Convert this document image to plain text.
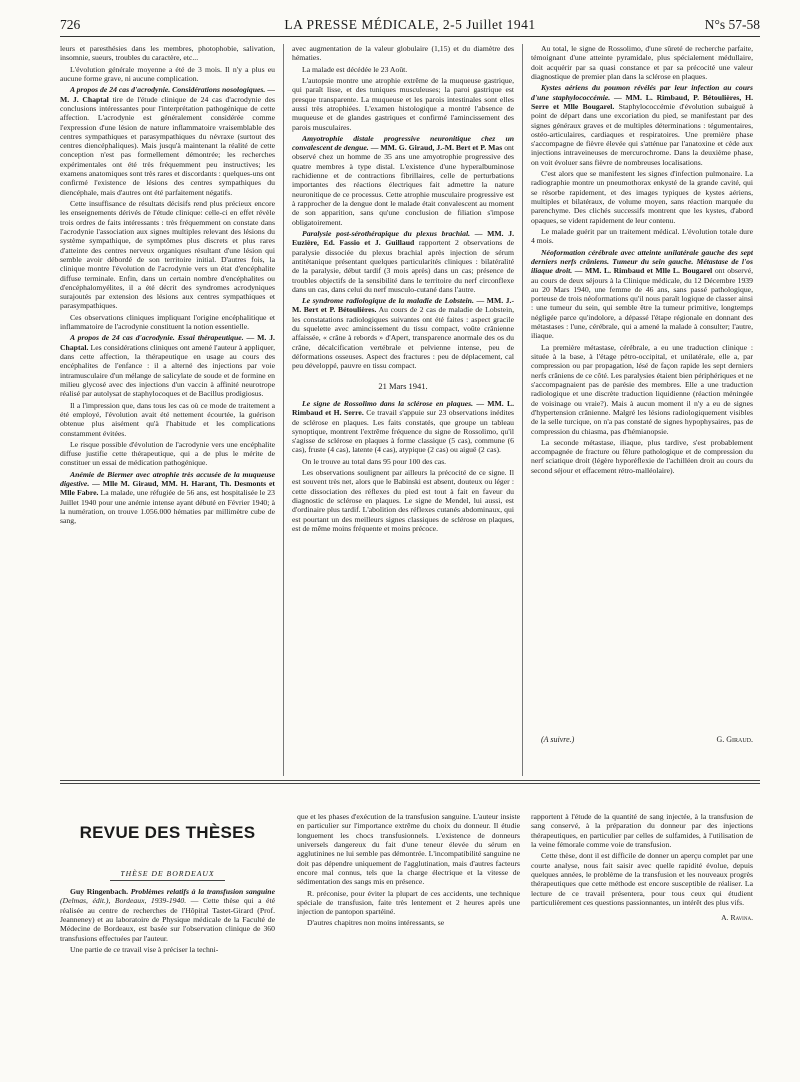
726	LA PRESSE MÉDICALE, 2-5 Juillet 1941	N°s 57-58

leurs et paresthésies dans les membres, photophobie, salivation, insomnie, sueurs, troubles du caractère, etc...

L'évolution générale moyenne a été de 3 mois. Il n'y a plus eu aucune forme grave, ni aucune complication.

A propos de 24 cas d'acrodynie. Considérations nosologiques. — M. J. Chaptal tire de l'étude clinique de 24 cas d'acrodynie des conclusions intéressantes pour l'interprétation pathogénique de cette affection. L'acrodynie est généralement considérée comme l'expression d'une lésion de nature inflammatoire vraisemblable des centres sympathiques et parasympathiques du névraxe (surtout des centres diencéphaliques). Mais jusqu'à maintenant la réalité de cette conception n'est pas formellement démontrée; les recherches expérimentales ont été très fréquemment peu instructives; les examens anatomiques sont très rares et discordants : quelques-uns ont confirmé l'existence de lésions des centres sympathiques du diencéphale, mais d'autres ont été parfaitement négatifs.

Cette insuffisance de résultats décisifs rend plus précieux encore les enseignements dérivés de l'étude clinique: celle-ci en effet révèle trois ordres de faits intéressants : très fréquemment on constate dans l'acrodynie l'association aux signes multiples relevant des lésions du système sympathique, de symptômes plus discrets et plus rares d'atteinte des centres nerveux organiques résultant d'une lésion qui semble avoir débordé de son territoire initial. D'autres fois, la clinique montre l'évolution de l'acrodynie vers un état d'encéphalite diffuse terminale. Enfin, dans un certain nombre d'encéphalites ou d'encéphalomyélites, il a été décrit des syndromes acrodyniques surajoutés par extension des lésions aux centres sympathiques et parasympathiques.

Ces observations cliniques impliquant l'origine encéphalitique et inflammatoire de l'acrodynie constituent la notion essentielle.

A propos de 24 cas d'acrodynie. Essai thérapeutique. — M. J. Chaptal. Les considérations cliniques ont amené l'auteur à appliquer, dans cette affection, la thérapeutique en usage au cours des encéphalites de l'enfance : il a alterné des injections par voie intramusculaire d'un mélange de salicylate de soude et de formine en milieu glycosé avec des injections d'un vaccin à affinité neurotrope réalisé par autolysat de staphylocoques et de Bacillus prodigiosus.

Il a l'impression que, dans tous les cas où ce mode de traitement a été employé, l'évolution avait été nettement écourtée, la guérison obtenue plus aisément qu'à l'habitude et les complications constamment évitées.

Le risque possible d'évolution de l'acrodynie vers une encéphalite diffuse justifie cette thérapeutique, qui a de plus le mérite de constituer un essai de médication pathogénique.

Anémie de Biermer avec atrophie très accusée de la muqueuse digestive. — Mlle M. Giraud, MM. H. Harant, Th. Desmonts et Mlle Fabre. La malade, une réfugiée de 56 ans, est hospitalisée le 23 Juillet 1940 pour une anémie intense ayant débuté en Février 1940; à la numération, on trouve 1.056.000 hématies par millimètre cube de sang,

avec augmentation de la valeur globulaire (1,15) et du diamètre des hématies.

La malade est décédée le 23 Août.

L'autopsie montre une atrophie extrême de la muqueuse gastrique, qui paraît lisse, et des tuniques musculeuses; la paroi gastrique est presque transparente. La muqueuse et les parois intestinales sont elles aussi très atrophiées. L'examen histologique a montré l'absence de muqueuse et de glandes gastriques et confirmé l'amincissement des parois musculaires.

Amyotrophie distale progressive neuronitique chez un convalescent de dengue. — MM. G. Giraud, J.-M. Bert et P. Mas ont observé chez un homme de 35 ans une amyotrophie progressive des quatre membres à type distal. L'existence d'une hyperalbuminose rachidienne et de contractions fibrillaires, celle de perturbations importantes des réactions électriques fait admettre la nature neuronitique de ce processus. Cette atrophie musculaire progressive est à rapprocher de la dengue dont le malade était convalescent au moment de son apparition, sans qu'une conclusion de filiation s'impose obligatoirement.

Paralysie post-sérothérapique du plexus brachial. — MM. J. Euzière, Ed. Fassio et J. Guillaud rapportent 2 observations de paralysie dissociée du plexus brachial après injection de sérum antitétanique présentant quelques particularités cliniques : bilatéralité de la paralysie, début tardif (3 mois après) dans un cas; présence de troubles objectifs de la sensibilité dans le territoire du nerf circonflexe dans un cas, dans celui du nerf musculo-cutané dans l'autre.

Le syndrome radiologique de la maladie de Lobstein. — MM. J.-M. Bert et P. Bétoulières. Au cours de 2 cas de maladie de Lobstein, les constatations radiologiques suivantes ont été faites : aspect gracile du squelette avec amincissement du tissu compact, voûte crânienne affaissée, « crâne à rebords » d'Apert, transparence anormale des os du crâne, décalcification vertébrale et pelvienne intense, peu de déformations osseuses. Aspect des fractures : peu de déplacement, cal peu développé, pauvre en tissu compact.

21 Mars 1941.

Le signe de Rossolimo dans la sclérose en plaques. — MM. L. Rimbaud et H. Serre. Ce travail s'appuie sur 23 observations inédites de sclérose en plaques. Les faits constatés, que groupe un tableau synoptique, montrent l'extrême fréquence du signe de Rossolimo, qu'il s'agisse de sclérose en plaques à forme classique (5 cas), commune (6 cas), fruste (4 cas), latente (4 cas), atypique (2 cas) ou aiguë (2 cas).

On le trouve au total dans 95 pour 100 des cas.

Les observations soulignent par ailleurs la précocité de ce signe. Il est souvent très net, alors que le Babinski est absent, douteux ou léger : cette dissociation des réflexes du pied est tout à fait en faveur du diagnostic de sclérose en plaques. Le signe de Mendel, lui aussi, est d'ordinaire plus tardif. L'abolition des réflexes cutanés abdominaux, qui est pourtant un des meilleurs signes classiques de sclérose en plaques, est de même moins fréquente et moins précoce.

Au total, le signe de Rossolimo, d'une sûreté de recherche parfaite, témoignant d'une atteinte pyramidale, plus spécialement médullaire, doit acquérir par sa quasi constance et par sa précocité une valeur diagnostique de premier plan dans la sclérose en plaques.

Kystes aériens du poumon révélés par leur infection au cours d'une staphylococcémie. — MM. L. Rimbaud, P. Bétoulières, H. Serre et Mlle Bougarel. Staphylococcémie d'évolution subaiguë à point de départ dans une excoriation du pied, se manifestant par des signes généraux graves et de multiples déterminations : tégumentaires, ostéo-articulaires, cardiaques et respiratoires. Une première phase s'accompagne de fièvre élevée qui s'atténue par l'anatoxine et cède aux injections intraveineuses de mercurochrome. Dans la deuxième phase, on voit évoluer sans fièvre de nombreuses localisations.

C'est alors que se manifestent les signes d'infection pulmonaire. La radiographie montre un pneumothorax enkysté de la grande cavité, qui se résorbe rapidement, et des images typiques de kystes aériens, multiples et bilatéraux, de volume moyen, sans réaction marquée du parenchyme. Des clichés successifs montrent que les kystes, d'abord opaques, se vident rapidement de leur contenu.

Le malade guérit par un traitement médical. L'évolution totale dure 4 mois.

Néoformation cérébrale avec atteinte unilatérale gauche des sept derniers nerfs crâniens. Tumeur du sein gauche. Métastase de l'os iliaque droit. — MM. L. Rimbaud et Mlle L. Bougarel ont observé, au cours de deux séjours à la Clinique médicale, du 12 Décembre 1939 au 20 Mars 1940, une femme de 46 ans, sans passé pathologique, porteuse de trois néoformations qu'il nous paraît logique de classer ainsi : une tumeur du sein, qui semble être la tumeur primitive, longtemps négligée parce qu'indolore, a dépassé l'étape régionale en donnant des métastases : l'une, cérébrale, qui a amené la malade à consulter; l'autre, iliaque.

La première métastase, cérébrale, a eu une traduction clinique : située à la base, à l'étage pétro-occipital, et unilatérale, elle a, par compression ou par propagation, lésé de façon rapide les sept derniers nerfs crâniens de ce côté. Les paralysies étaient bien périphériques et ne s'accompagnaient pas de parésie des membres. Elle a une traduction radiologique et une discrète traduction liquidienne (réaction méningée de voisinage ou vraie?). Mais à aucun moment il n'y a eu de signes d'hypertension crânienne. Malgré les lésions radiologiquement visibles de la selle turcique, on n'a pas constaté de signes hypophysaires, pas de compression du chiasma, pas d'hémianopsie.

La seconde métastase, iliaque, plus tardive, s'est probablement accompagnée de fracture ou fêlure pathologique et de compression du nerf sciatique droit (légère hyporéflexie de l'achilléen droit au cours du second séjour et effacement rétro-malléolaire).

(A suivre.)	G. Giraud.
REVUE DES THÈSES
THÈSE DE BORDEAUX

Guy Ringenbach. Problèmes relatifs à la transfusion sanguine (Delmas, édit.), Bordeaux, 1939-1940. — Cette thèse qui a été réalisée au centre de recherches de l'Hôpital Tastet-Girard (Prof. Jeanneney) et au laboratoire de Physique médicale de la Faculté de Médecine de Bordeaux, est basée sur l'observation clinique de 360 transfusions effectuées par l'auteur.

Une partie de ce travail vise à préciser la techni-

que et les phases d'exécution de la transfusion sanguine. L'auteur insiste en particulier sur l'importance extrême du choix du donneur. Il étudie longuement les chocs transfusionnels. L'existence de donneurs universels dangereux du fait d'une teneur élevée du sérum en agglutinines ne lui semble pas démontrée. L'incompatibilité sanguine ne doit pas dépendre uniquement de l'agglutination, mais d'autres facteurs encore mal connus, tels que la charge électrique et la vitesse de sédimentation des sangs mis en présence.

R. préconise, pour éviter la plupart de ces accidents, une technique spéciale de transfusion, faite très lentement et 2 heures après une injection de pantopon spartéiné.

D'autres chapitres non moins intéressants, se

rapportent à l'étude de la quantité de sang injectée, à la transfusion de sang conservé, à la préparation du donneur par des injections thérapeutiques, en particulier par celles de sulfamides, à l'utilisation de la veine fémorale comme voie de transfusion.

Cette thèse, dont il est difficile de donner un aperçu complet par une courte analyse, nous fait saisir avec quelle rapidité évolue, depuis quelques années, le problème de la transfusion et les nouveaux progrès thérapeutiques que cette méthode est encore susceptible de réaliser. La lecture de ce travail présentera, pour tous ceux qui étudient particulièrement ces questions passionnantes, un intérêt des plus vifs.

A. Ravina.
